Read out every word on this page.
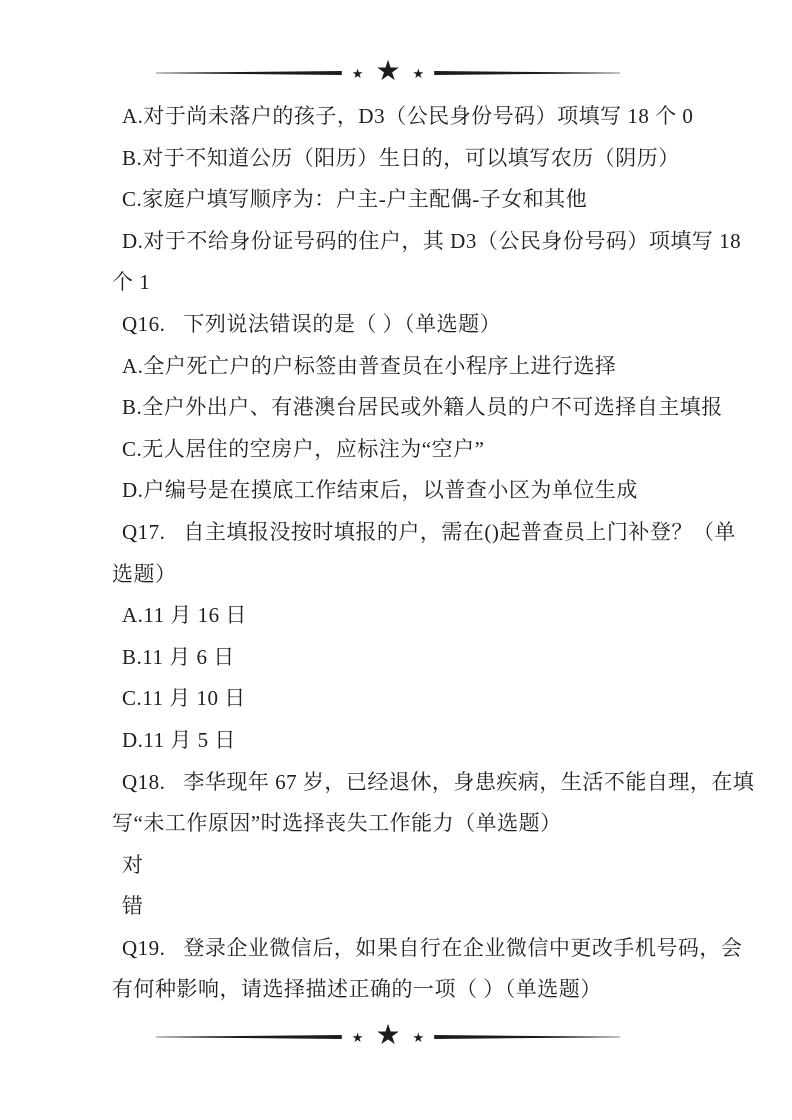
★ ★ ★
A.对于尚未落户的孩子，D3（公民身份号码）项填写 18 个 0
B.对于不知道公历（阳历）生日的，可以填写农历（阴历）
C.家庭户填写顺序为：户主-户主配偶-子女和其他
D.对于不给身份证号码的住户，其 D3（公民身份号码）项填写 18
个 1
Q16. 下列说法错误的是（ ）（单选题）
A.全户死亡户的户标签由普查员在小程序上进行选择
B.全户外出户、有港澳台居民或外籍人员的户不可选择自主填报
C.无人居住的空房户，应标注为“空户”
D.户编号是在摸底工作结束后，以普查小区为单位生成
Q17. 自主填报没按时填报的户，需在()起普查员上门补登？（单
选题）
A.11 月 16 日
B.11 月 6 日
C.11 月 10 日
D.11 月 5 日
Q18. 李华现年 67 岁，已经退休，身患疾病，生活不能自理，在填
写“未工作原因”时选择丧失工作能力（单选题）
对
错
Q19. 登录企业微信后，如果自行在企业微信中更改手机号码，会
有何种影响，请选择描述正确的一项（ ）（单选题）
★ ★ ★
